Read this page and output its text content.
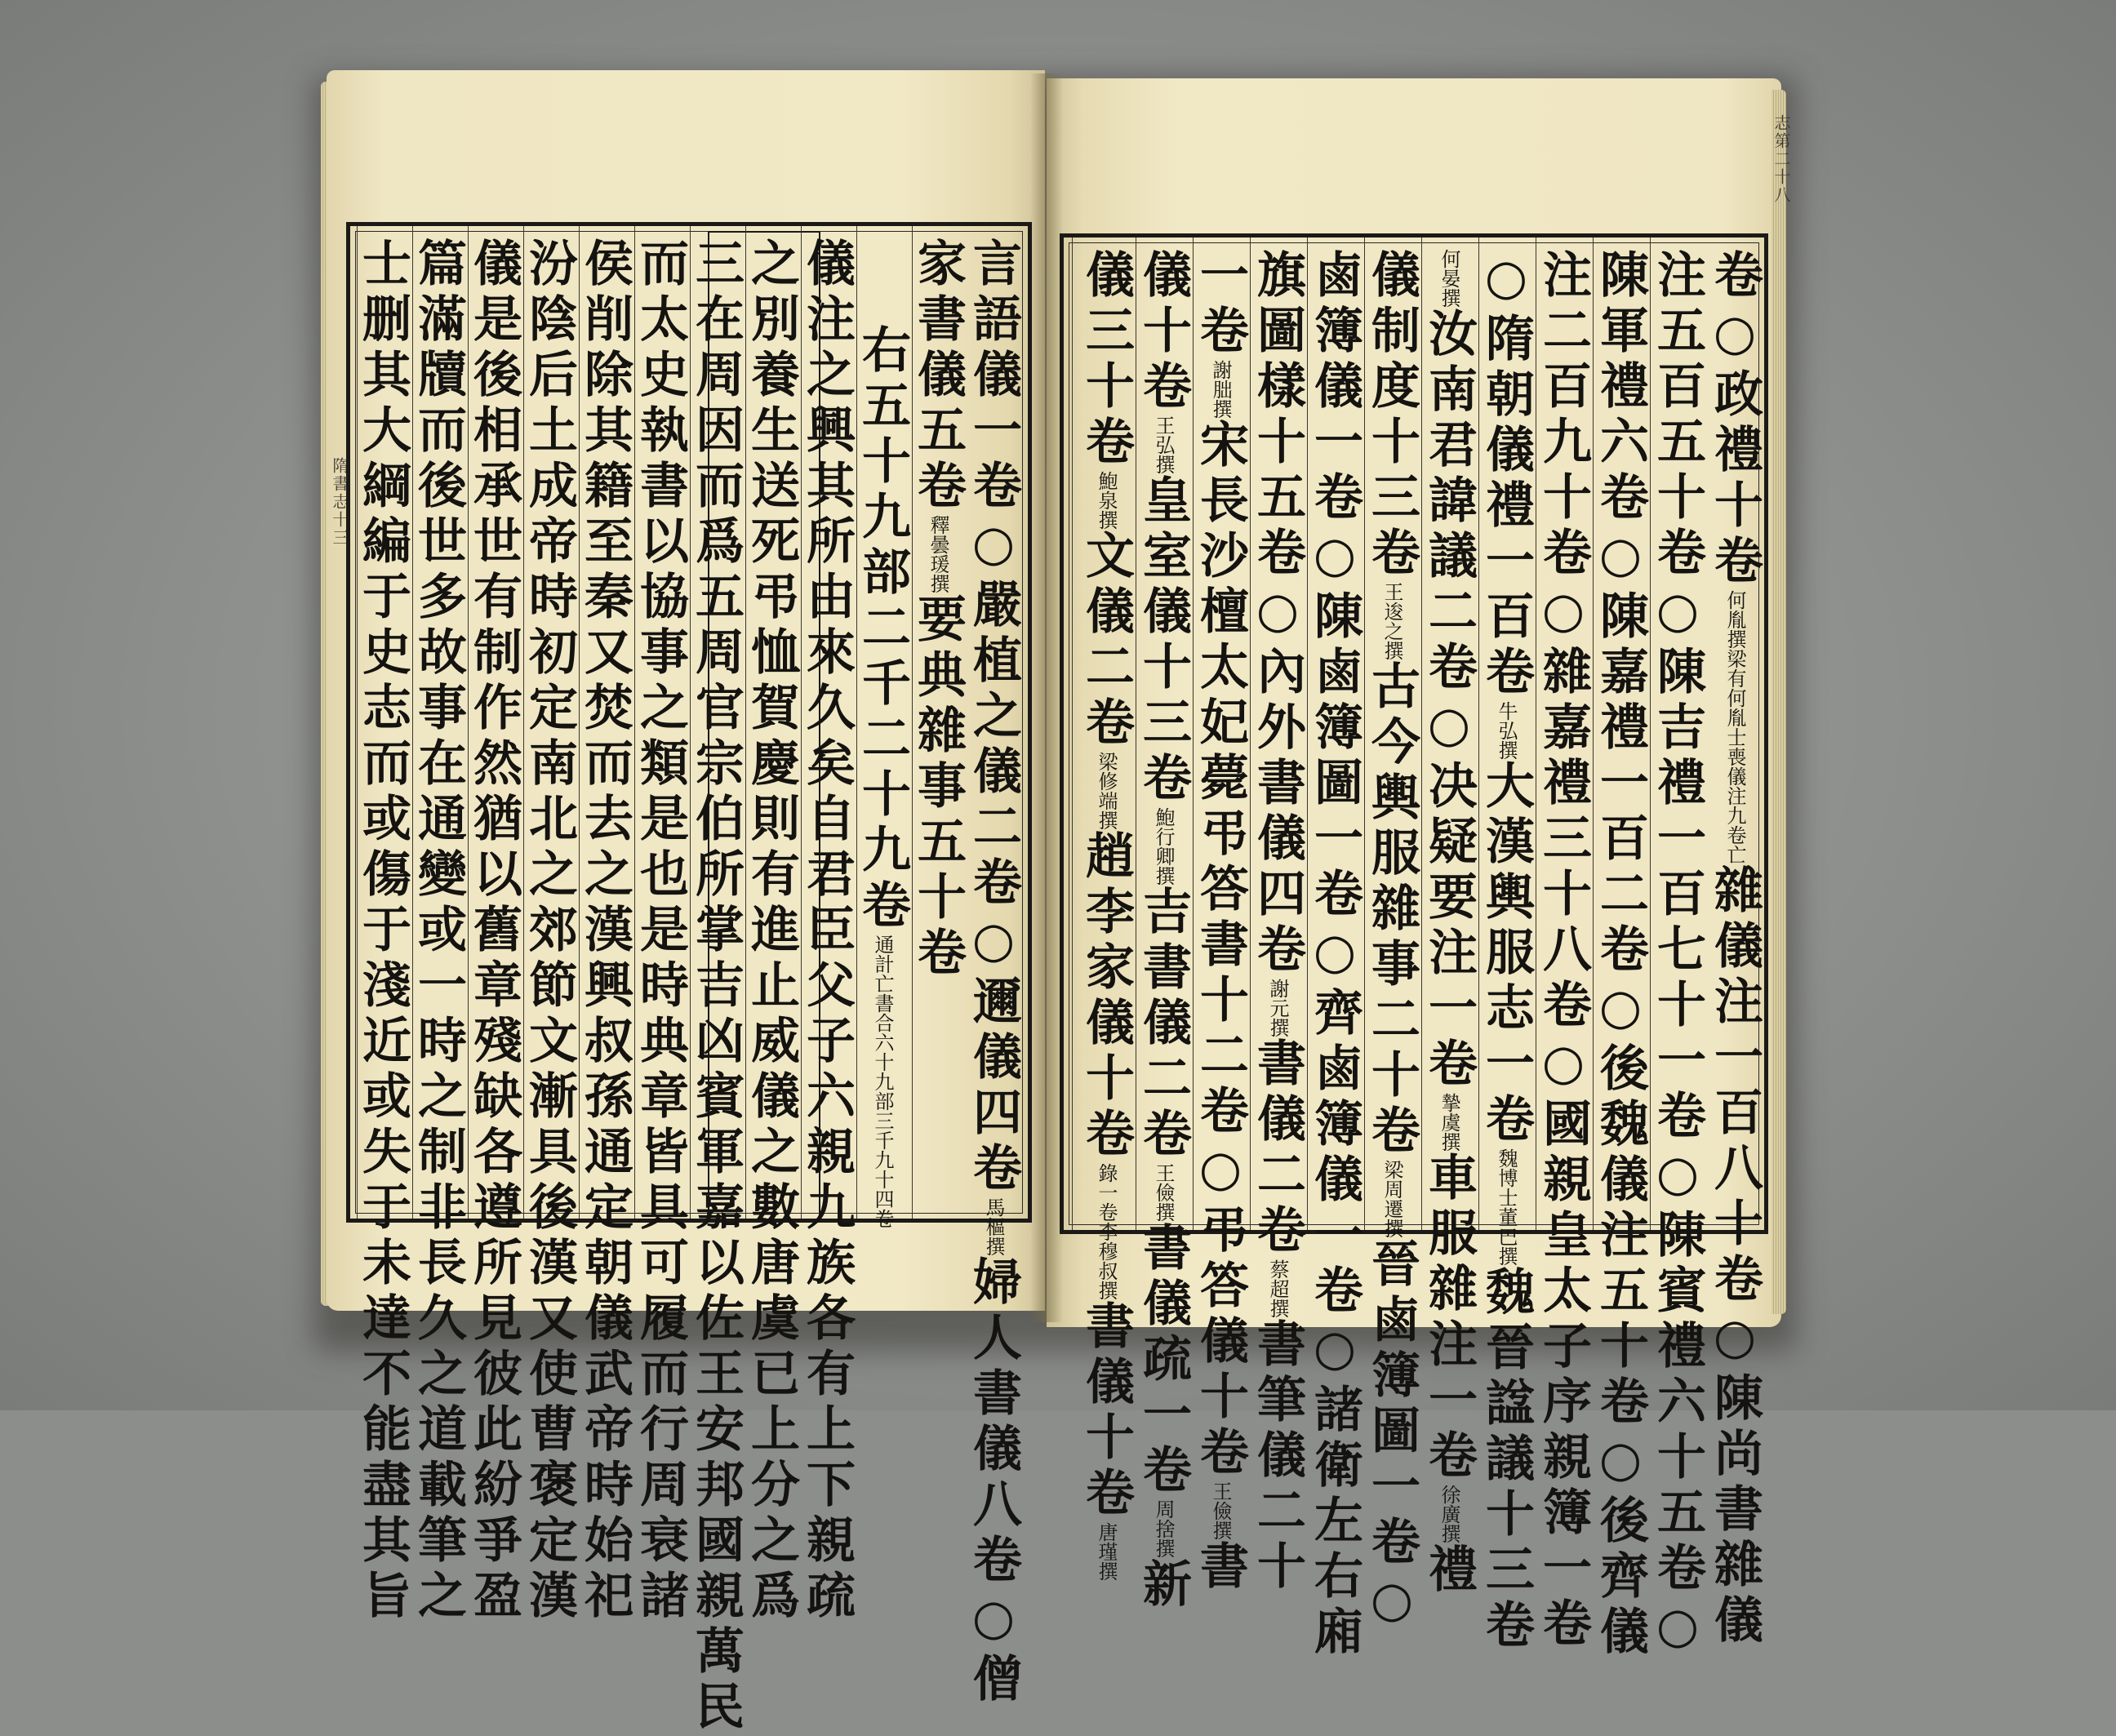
隋書志十三
志第二十八
言語儀一卷○嚴植之儀二卷○邇儀四卷馬樞撰婦人書儀八卷○僧
家書儀五卷釋曇瑗撰要典雜事五十卷
右五十九部二千二十九卷通計亡書合六十九部三千九十四卷
儀注之興其所由來久矣自君臣父子六親九族各有上下親疏
之別養生送死弔恤賀慶則有進止威儀之數唐虞已上分之爲
三在周因而爲五周官宗伯所掌吉凶賓軍嘉以佐王安邦國親萬民
而太史執書以協事之類是也是時典章皆具可履而行周衰諸
侯削除其籍至秦又焚而去之漢興叔孫通定朝儀武帝時始祀
汾陰后土成帝時初定南北之郊節文漸具後漢又使曹褒定漢
儀是後相承世有制作然猶以舊章殘缺各遵所見彼此紛爭盈
篇滿牘而後世多故事在通變或一時之制非長久之道載筆之
士删其大綱編于史志而或傷于淺近或失于未達不能盡其旨	卷○政禮十卷何胤撰梁有何胤士喪儀注九卷亡雜儀注一百八十卷○陳尚書雜儀
注五百五十卷○陳吉禮一百七十一卷○陳賓禮六十五卷○
陳軍禮六卷○陳嘉禮一百二卷○後魏儀注五十卷○後齊儀
注二百九十卷○雜嘉禮三十八卷○國親皇太子序親簿一卷
○隋朝儀禮一百卷牛弘撰大漢輿服志一卷魏博士董巴撰魏晉諡議十三卷
何晏撰汝南君諱議二卷○决疑要注一卷摯虞撰車服雜注一卷徐廣撰禮
儀制度十三卷王逡之撰古今輿服雜事二十卷梁周遷撰晉鹵簿圖一卷○
鹵簿儀一卷○陳鹵簿圖一卷○齊鹵簿儀一卷○諸衛左右廂
旗圖樣十五卷○內外書儀四卷謝元撰書儀二卷蔡超撰書筆儀二十
一卷謝朏撰宋長沙檀太妃薨弔答書十二卷○弔答儀十卷王儉撰書
儀十卷王弘撰皇室儀十三卷鮑行卿撰吉書儀二卷王儉撰書儀疏一卷周捨撰新
儀三十卷鮑泉撰文儀二卷梁修端撰趙李家儀十卷錄一卷李穆叔撰書儀十卷唐瑾撰
